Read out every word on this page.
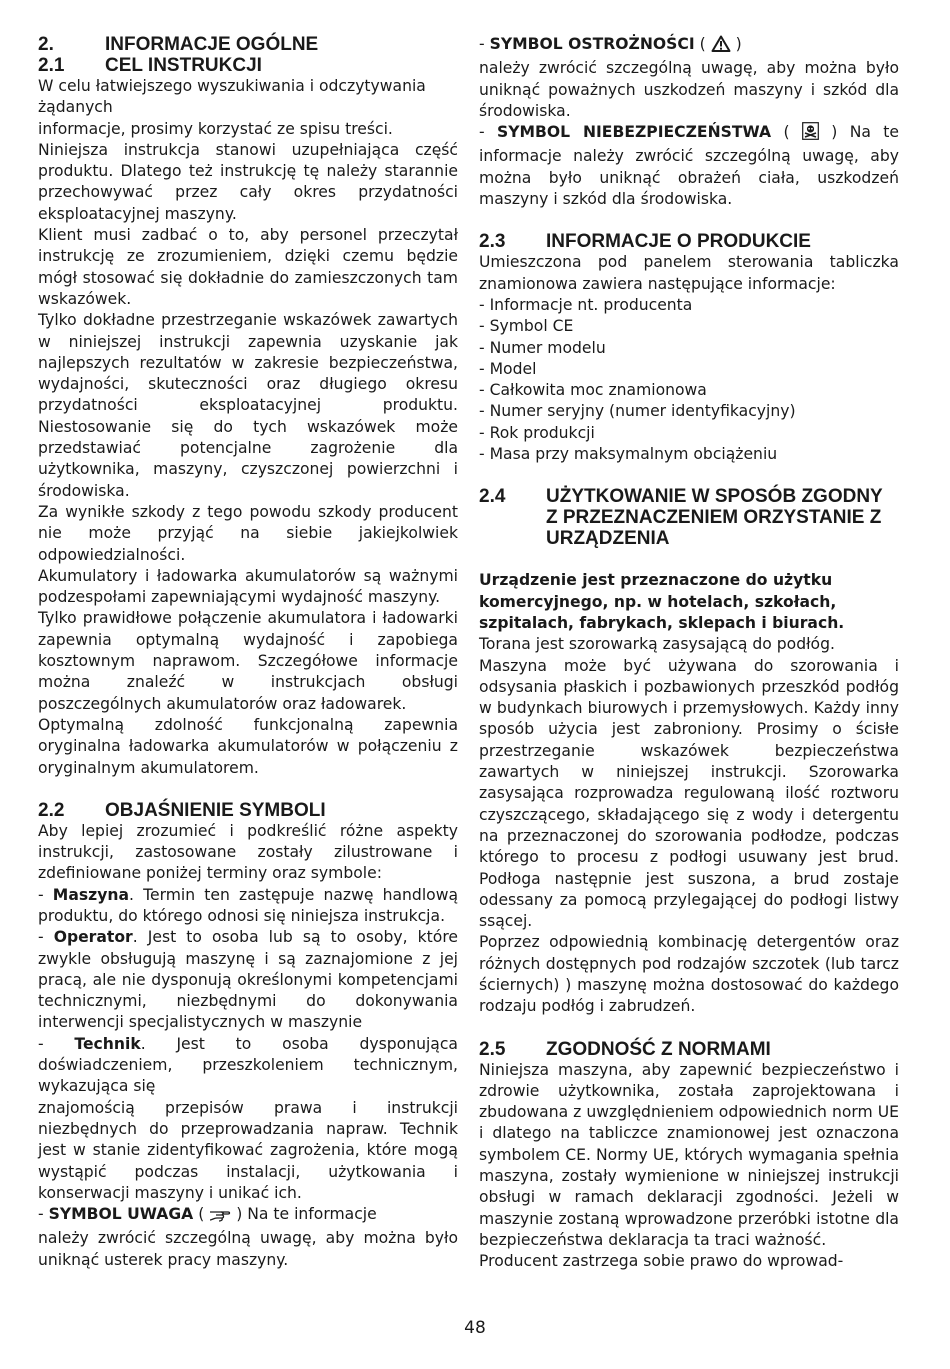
2.	INFORMACJE OGÓLNE
2.1	CEL INSTRUKCJI

W celu łatwiejszego wyszukiwania i odczytywania żądanych

informacje, prosimy korzystać ze spisu treści.

Niniejsza instrukcja stanowi uzupełniająca część produktu. Dlatego też instrukcję tę należy starannie przechowywać przez cały okres przydatności eksploatacyjnej maszyny.

Klient musi zadbać o to, aby personel przeczytał instrukcję ze zrozumieniem, dzięki czemu będzie mógł stosować się dokładnie do zamieszczonych tam wskazówek.

Tylko dokładne przestrzeganie wskazówek zawartych w niniejszej instrukcji zapewnia uzyskanie jak najlepszych rezultatów w zakresie bezpieczeństwa, wydajności, skuteczności oraz długiego okresu przydatności eksploatacyjnej produktu. Niestosowanie się do tych wskazówek może przedstawiać potencjalne zagrożenie dla użytkownika, maszyny, czyszczonej powierzchni i środowiska.

Za wynikłe szkody z tego powodu szkody producent nie może przyjąć na siebie jakiejkolwiek odpowiedzialności.

Akumulatory i ładowarka akumulatorów są ważnymi podzespołami zapewniającymi wydajność maszyny.

Tylko prawidłowe połączenie akumulatora i ładowarki zapewnia optymalną wydajność i zapobiega kosztownym naprawom. Szczegółowe informacje można znaleźć w instrukcjach obsługi poszczególnych akumulatorów oraz ładowarek.

Optymalną zdolność funkcjonalną zapewnia oryginalna ładowarka akumulatorów w połączeniu z oryginalnym akumulatorem.

2.2	OBJAŚNIENIE SYMBOLI

Aby lepiej zrozumieć i podkreślić różne aspekty instrukcji, zastosowane zostały zilustrowane i zdefiniowane poniżej terminy oraz symbole:

- Maszyna. Termin ten zastępuje nazwę handlową produktu, do którego odnosi się niniejsza instrukcja.

- Operator. Jest to osoba lub są to osoby, które zwykle obsługują maszynę i są zaznajomione z jej pracą, ale nie dysponują określonymi kompetencjami technicznymi, niezbędnymi do dokonywania interwencji specjalistycznych w maszynie

- Technik. Jest to osoba dysponująca doświadczeniem, przeszkoleniem technicznym, wykazująca się

znajomością przepisów prawa i instrukcji niezbędnych do przeprowadzania napraw. Technik jest w stanie zidentyfikować zagrożenia, które mogą wystąpić podczas instalacji, użytkowania i konserwacji maszyny i unikać ich.

- SYMBOL UWAGA (  ) Na te informacje

należy zwrócić szczególną uwagę, aby można było uniknąć usterek pracy maszyny.

- SYMBOL OSTROŻNOŚCI (  )

należy zwrócić szczególną uwagę, aby można było uniknąć poważnych uszkodzeń maszyny i szkód dla środowiska.

- SYMBOL NIEBEZPIECZEŃSTWA (  ) Na te informacje należy zwrócić szczególną uwagę, aby można było uniknąć obrażeń ciała, uszkodzeń maszyny i szkód dla środowiska.

2.3	INFORMACJE O PRODUKCIE

Umieszczona pod panelem sterowania tabliczka znamionowa zawiera następujące informacje:

- Informacje nt. producenta

- Symbol CE

- Numer modelu

- Model

- Całkowita moc znamionowa

- Numer seryjny (numer identyfikacyjny)

- Rok produkcji

- Masa przy maksymalnym obciążeniu

2.4	UŻYTKOWANIE W SPOSÓB ZGODNY Z PRZEZNACZENIEM ORZYSTANIE Z URZĄDZENIA

Urządzenie jest przeznaczone do użytku komercyjnego, np. w hotelach, szkołach, szpitalach, fabrykach, sklepach i biurach.

Torana jest szorowarką zasysającą do podłóg.

Maszyna może być używana do szorowania i odsysania płaskich i pozbawionych przeszkód podłóg w budynkach biurowych i przemysłowych. Każdy inny sposób użycia jest zabroniony. Prosimy o ścisłe przestrzeganie wskazówek bezpieczeństwa zawartych w niniejszej instrukcji. Szorowarka zasysająca rozprowadza regulowaną ilość roztworu czyszczącego, składającego się z wody i detergentu na przeznaczonej do szorowania podłodze, podczas którego to procesu z podłogi usuwany jest brud. Podłoga następnie jest suszona, a brud zostaje odessany za pomocą przylegającej do podłogi listwy ssącej.

Poprzez odpowiednią kombinację detergentów oraz różnych dostępnych pod rodzajów szczotek (lub tarcz ściernych) ) maszynę można dostosować do każdego rodzaju podłóg i zabrudzeń.

2.5	ZGODNOŚĆ Z NORMAMI

Niniejsza maszyna, aby zapewnić bezpieczeństwo i zdrowie użytkownika, została zaprojektowana i zbudowana z uwzględnieniem odpowiednich norm UE i dlatego na tabliczce znamionowej jest oznaczona symbolem CE. Normy UE, których wymagania spełnia maszyna, zostały wymienione w niniejszej instrukcji obsługi w ramach deklaracji zgodności. Jeżeli w maszynie zostaną wprowadzone przeróbki istotne dla bezpieczeństwa deklaracja ta traci ważność.

Producent zastrzega sobie prawo do wprowad-

48
